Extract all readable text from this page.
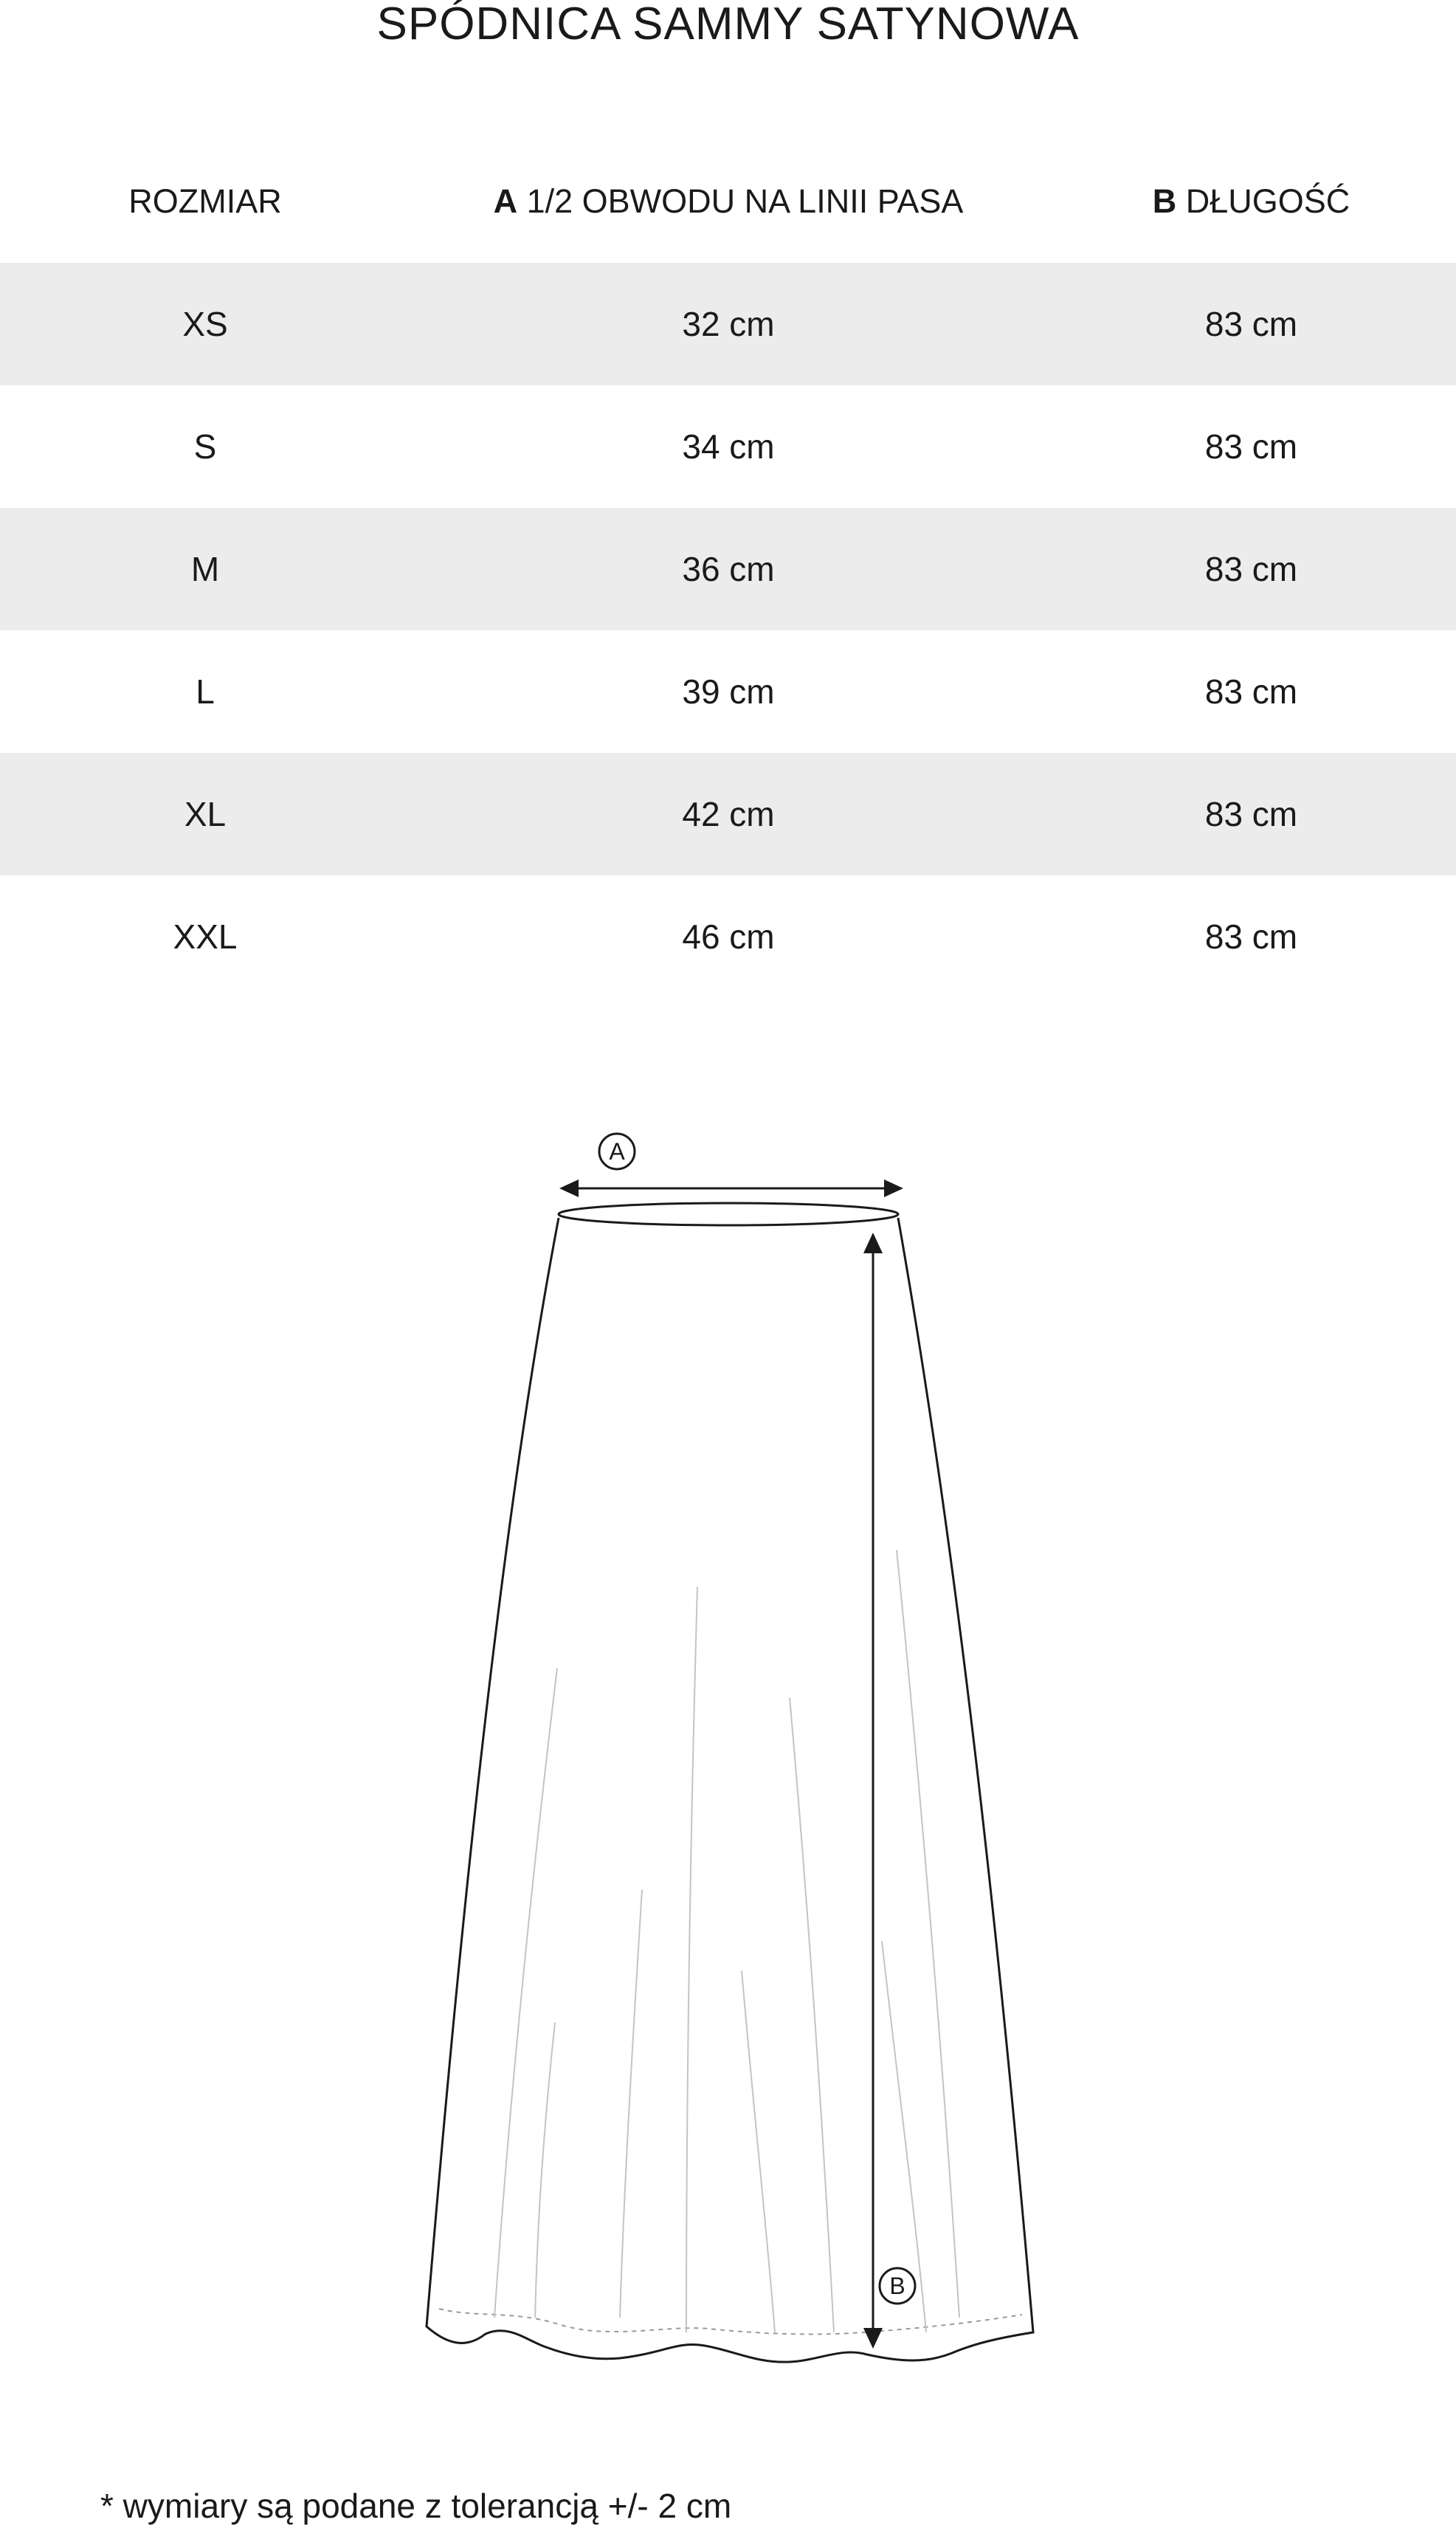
SPÓDNICA SAMMY SATYNOWA
ROZMIAR	A 1/2 OBWODU NA LINII PASA	B DŁUGOŚĆ
XS	32 cm	83 cm
S	34 cm	83 cm
M	36 cm	83 cm
L	39 cm	83 cm
XL	42 cm	83 cm
XXL	46 cm	83 cm
A
B
* wymiary są podane z tolerancją +/- 2 cm
